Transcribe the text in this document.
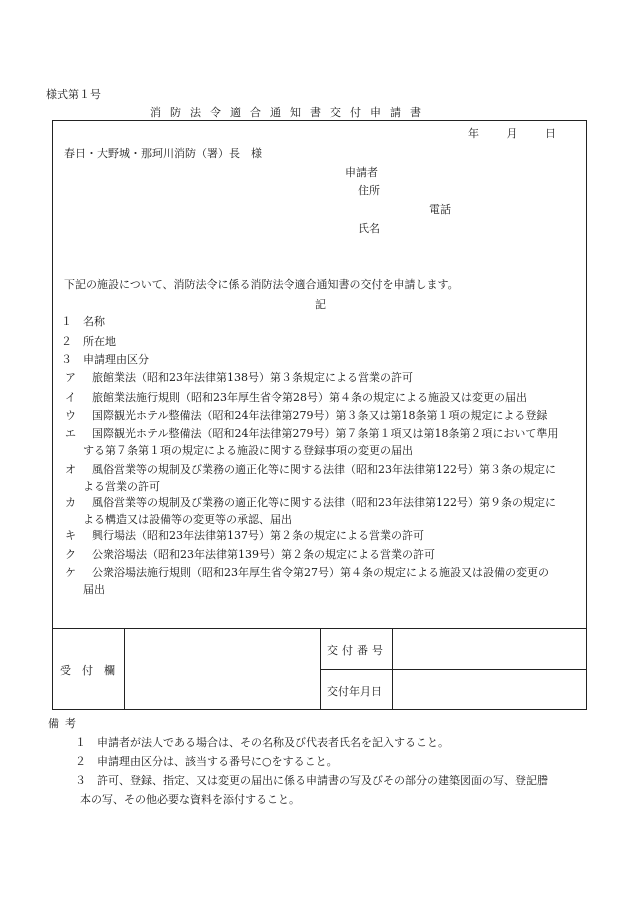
様式第１号
消防法令適合通知書交付申請書
年 月 日
春日・大野城・那珂川消防（署）長　様
申請者
住所
電話
氏名
下記の施設について、消防法令に係る消防法令適合通知書の交付を申請します。
記
１　 名称
２　 所在地
３　 申請理由区分
ア 旅館業法（昭和23年法律第138号）第３条規定による営業の許可
イ 旅館業法施行規則（昭和23年厚生省令第28号）第４条の規定による施設又は変更の届出
ウ 国際観光ホテル整備法（昭和24年法律第279号）第３条又は第18条第１項の規定による登録
エ 国際観光ホテル整備法（昭和24年法律第279号）第７条第１項又は第18条第２項において準用
する第７条第１項の規定による施設に関する登録事項の変更の届出
オ 風俗営業等の規制及び業務の適正化等に関する法律（昭和23年法律第122号）第３条の規定に
よる営業の許可
カ 風俗営業等の規制及び業務の適正化等に関する法律（昭和23年法律第122号）第９条の規定に
よる構造又は設備等の変更等の承認、届出
キ 興行場法（昭和23年法律第137号）第２条の規定による営業の許可
ク 公衆浴場法（昭和23年法律第139号）第２条の規定による営業の許可
ケ 公衆浴場法施行規則（昭和23年厚生省令第27号）第４条の規定による施設又は設備の変更の
届出
受　付　欄
交付番号
交付年月日
備考
１ 申請者が法人である場合は、その名称及び代表者氏名を記入すること。
２ 申請理由区分は、該当する番号に○をすること。
３ 許可、登録、指定、又は変更の届出に係る申請書の写及びその部分の建築図面の写、登記謄
本の写、その他必要な資料を添付すること。
